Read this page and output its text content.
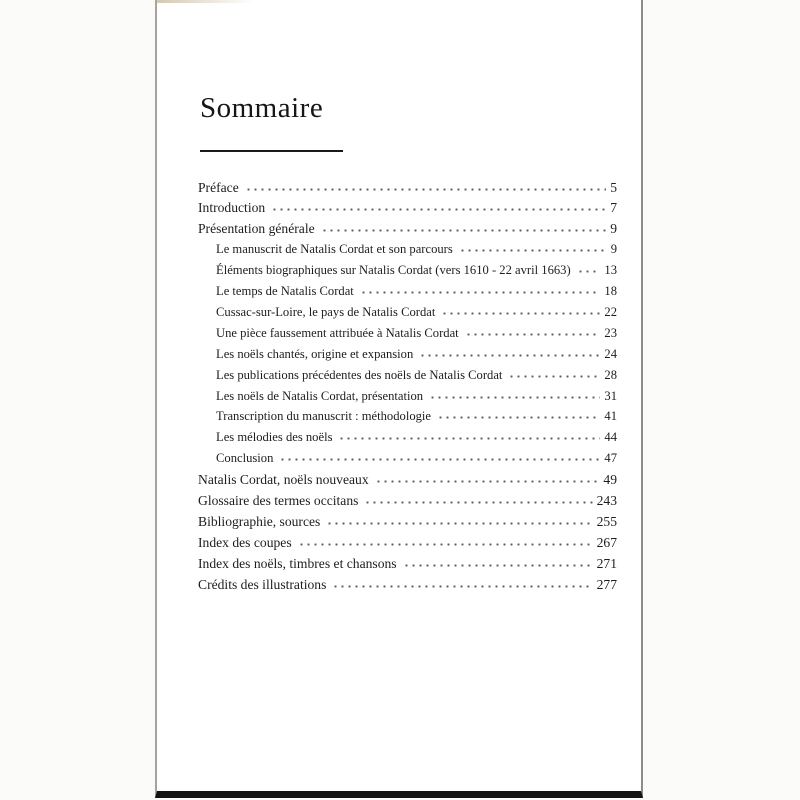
Sommaire
Préface	5
Introduction	7
Présentation générale	9
Le manuscrit de Natalis Cordat et son parcours	9
Éléments biographiques sur Natalis Cordat (vers 1610 - 22 avril 1663)	13
Le temps de Natalis Cordat	18
Cussac-sur-Loire, le pays de Natalis Cordat	22
Une pièce faussement attribuée à Natalis Cordat	23
Les noëls chantés, origine et expansion	24
Les publications précédentes des noëls de Natalis Cordat	28
Les noëls de Natalis Cordat, présentation	31
Transcription du manuscrit : méthodologie	41
Les mélodies des noëls	44
Conclusion	47
Natalis Cordat, noëls nouveaux	49
Glossaire des termes occitans	243
Bibliographie, sources	255
Index des coupes	267
Index des noëls, timbres et chansons	271
Crédits des illustrations	277
